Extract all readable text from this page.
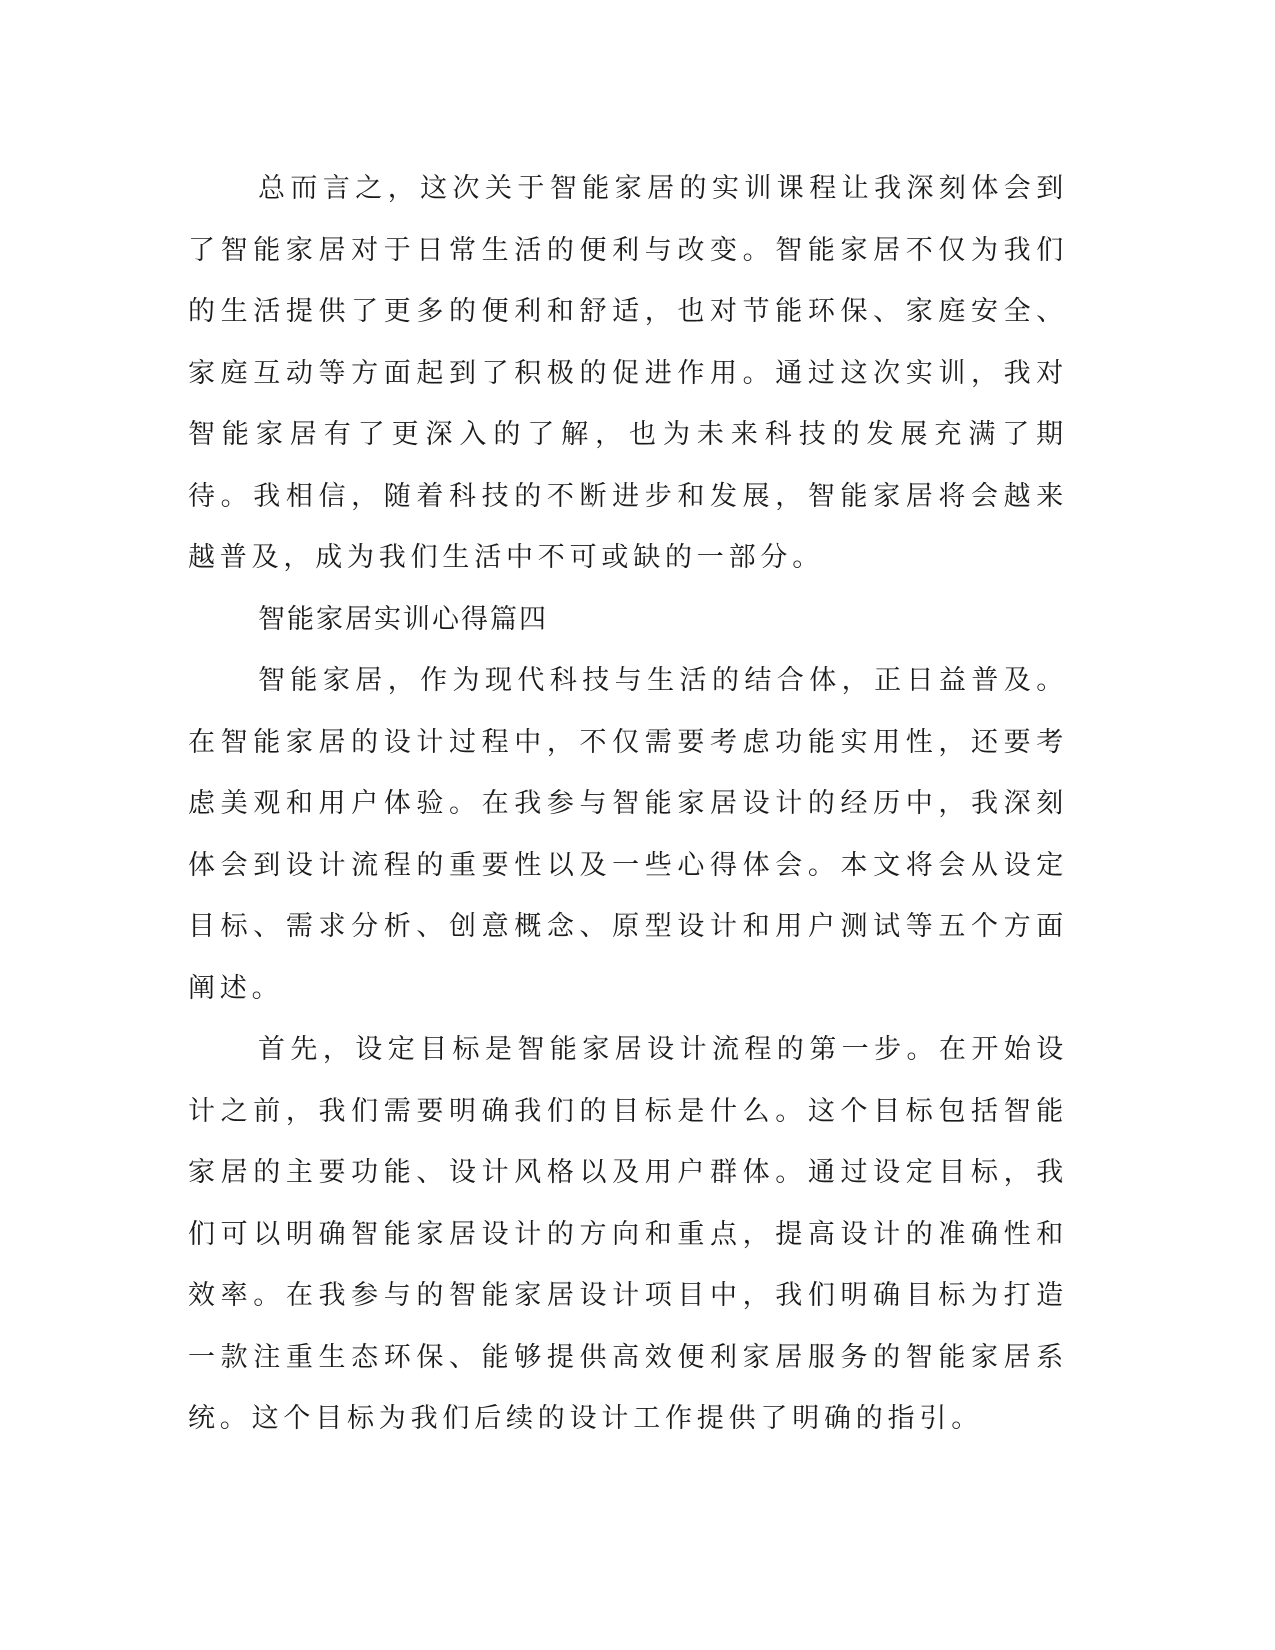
总而言之，这次关于智能家居的实训课程让我深刻体会到了智能家居对于日常生活的便利与改变。智能家居不仅为我们的生活提供了更多的便利和舒适，也对节能环保、家庭安全、家庭互动等方面起到了积极的促进作用。通过这次实训，我对智能家居有了更深入的了解，也为未来科技的发展充满了期待。我相信，随着科技的不断进步和发展，智能家居将会越来越普及，成为我们生活中不可或缺的一部分。

智能家居实训心得篇四

智能家居，作为现代科技与生活的结合体，正日益普及。在智能家居的设计过程中，不仅需要考虑功能实用性，还要考虑美观和用户体验。在我参与智能家居设计的经历中，我深刻体会到设计流程的重要性以及一些心得体会。本文将会从设定目标、需求分析、创意概念、原型设计和用户测试等五个方面阐述。

首先，设定目标是智能家居设计流程的第一步。在开始设计之前，我们需要明确我们的目标是什么。这个目标包括智能家居的主要功能、设计风格以及用户群体。通过设定目标，我们可以明确智能家居设计的方向和重点，提高设计的准确性和效率。在我参与的智能家居设计项目中，我们明确目标为打造一款注重生态环保、能够提供高效便利家居服务的智能家居系统。这个目标为我们后续的设计工作提供了明确的指引。
